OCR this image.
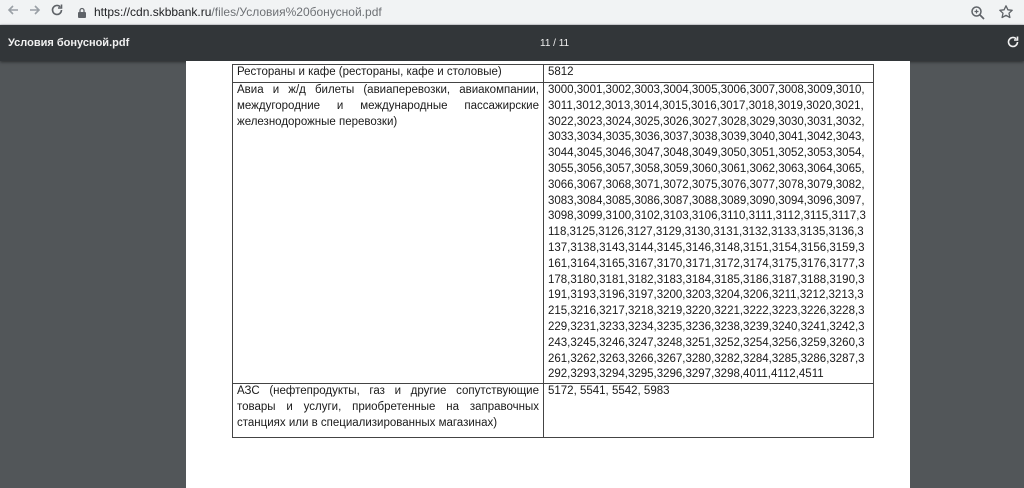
https://cdn.skbbank.ru/files/Условия%20бонусной.pdf
Условия бонусной.pdf	11 / 11
Рестораны и кафе (рестораны, кафе и столовые)	5812
Авиа и ж/д билеты (авиаперевозки, авиакомпании, междугородние и международные пассажирские железнодорожные перевозки)	3000,3001,3002,3003,3004,3005,3006,3007,3008,3009,3010,3011,3012,3013,3014,3015,3016,3017,3018,3019,3020,3021,3022,3023,3024,3025,3026,3027,3028,3029,3030,3031,3032,3033,3034,3035,3036,3037,3038,3039,3040,3041,3042,3043,3044,3045,3046,3047,3048,3049,3050,3051,3052,3053,3054,3055,3056,3057,3058,3059,3060,3061,3062,3063,3064,3065,3066,3067,3068,3071,3072,3075,3076,3077,3078,3079,3082,3083,3084,3085,3086,3087,3088,3089,3090,3094,3096,3097,3098,3099,3100,3102,3103,3106,3110,3111,3112,3115,3117,3118,3125,3126,3127,3129,3130,3131,3132,3133,3135,3136,3137,3138,3143,3144,3145,3146,3148,3151,3154,3156,3159,3161,3164,3165,3167,3170,3171,3172,3174,3175,3176,3177,3178,3180,3181,3182,3183,3184,3185,3186,3187,3188,3190,3191,3193,3196,3197,3200,3203,3204,3206,3211,3212,3213,3215,3216,3217,3218,3219,3220,3221,3222,3223,3226,3228,3229,3231,3233,3234,3235,3236,3238,3239,3240,3241,3242,3243,3245,3246,3247,3248,3251,3252,3254,3256,3259,3260,3261,3262,3263,3266,3267,3280,3282,3284,3285,3286,3287,3292,3293,3294,3295,3296,3297,3298,4011,4112,4511
АЗС (нефтепродукты, газ и другие сопутствующие товары и услуги, приобретенные на заправочных станциях или в специализированных магазинах)	5172, 5541, 5542, 5983
